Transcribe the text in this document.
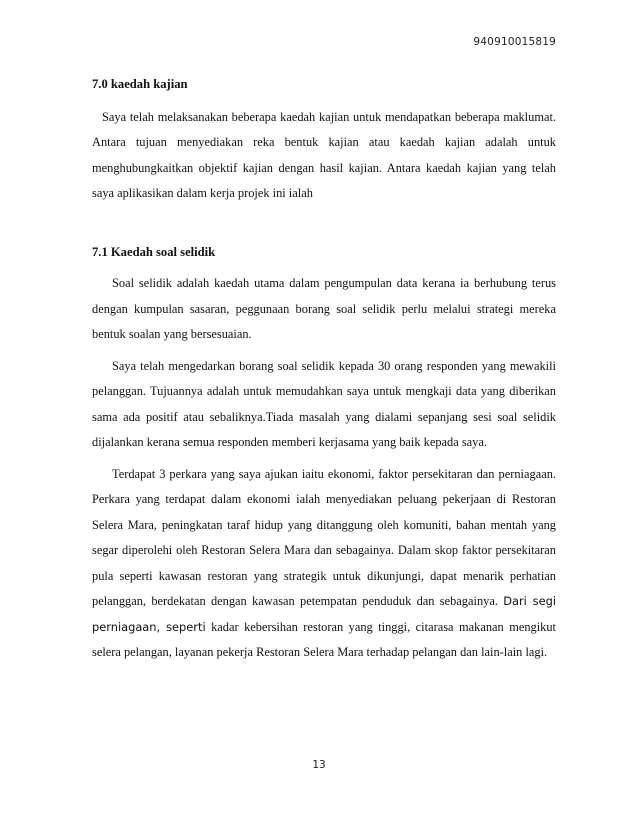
940910015819

7.0 kaedah kajian

Saya telah melaksanakan beberapa kaedah kajian untuk mendapatkan beberapa maklumat. Antara tujuan menyediakan reka bentuk kajian atau kaedah kajian adalah untuk menghubungkaitkan objektif kajian dengan hasil kajian. Antara kaedah kajian yang telah saya aplikasikan dalam kerja projek ini ialah

7.1 Kaedah soal selidik

Soal selidik adalah kaedah utama dalam pengumpulan data kerana ia berhubung terus dengan kumpulan sasaran, peggunaan borang soal selidik perlu melalui strategi mereka bentuk soalan yang bersesuaian.

Saya telah mengedarkan borang soal selidik kepada 30 orang responden yang mewakili pelanggan. Tujuannya adalah untuk memudahkan saya untuk mengkaji data yang diberikan sama ada positif atau sebaliknya.Tiada masalah yang dialami sepanjang sesi soal selidik dijalankan kerana semua responden memberi kerjasama yang baik kepada saya.

Terdapat 3 perkara yang saya ajukan iaitu ekonomi, faktor persekitaran dan perniagaan. Perkara yang terdapat dalam ekonomi ialah menyediakan peluang pekerjaan di Restoran Selera Mara, peningkatan taraf hidup yang ditanggung oleh komuniti, bahan mentah yang segar diperolehi oleh Restoran Selera Mara dan sebagainya. Dalam skop faktor persekitaran pula seperti kawasan restoran yang strategik untuk dikunjungi, dapat menarik perhatian pelanggan, berdekatan dengan kawasan petempatan penduduk dan sebagainya. Dari segi perniagaan, seperti kadar kebersihan restoran yang tinggi, citarasa makanan mengikut selera pelangan, layanan pekerja Restoran Selera Mara terhadap pelangan dan lain-lain lagi.

13
